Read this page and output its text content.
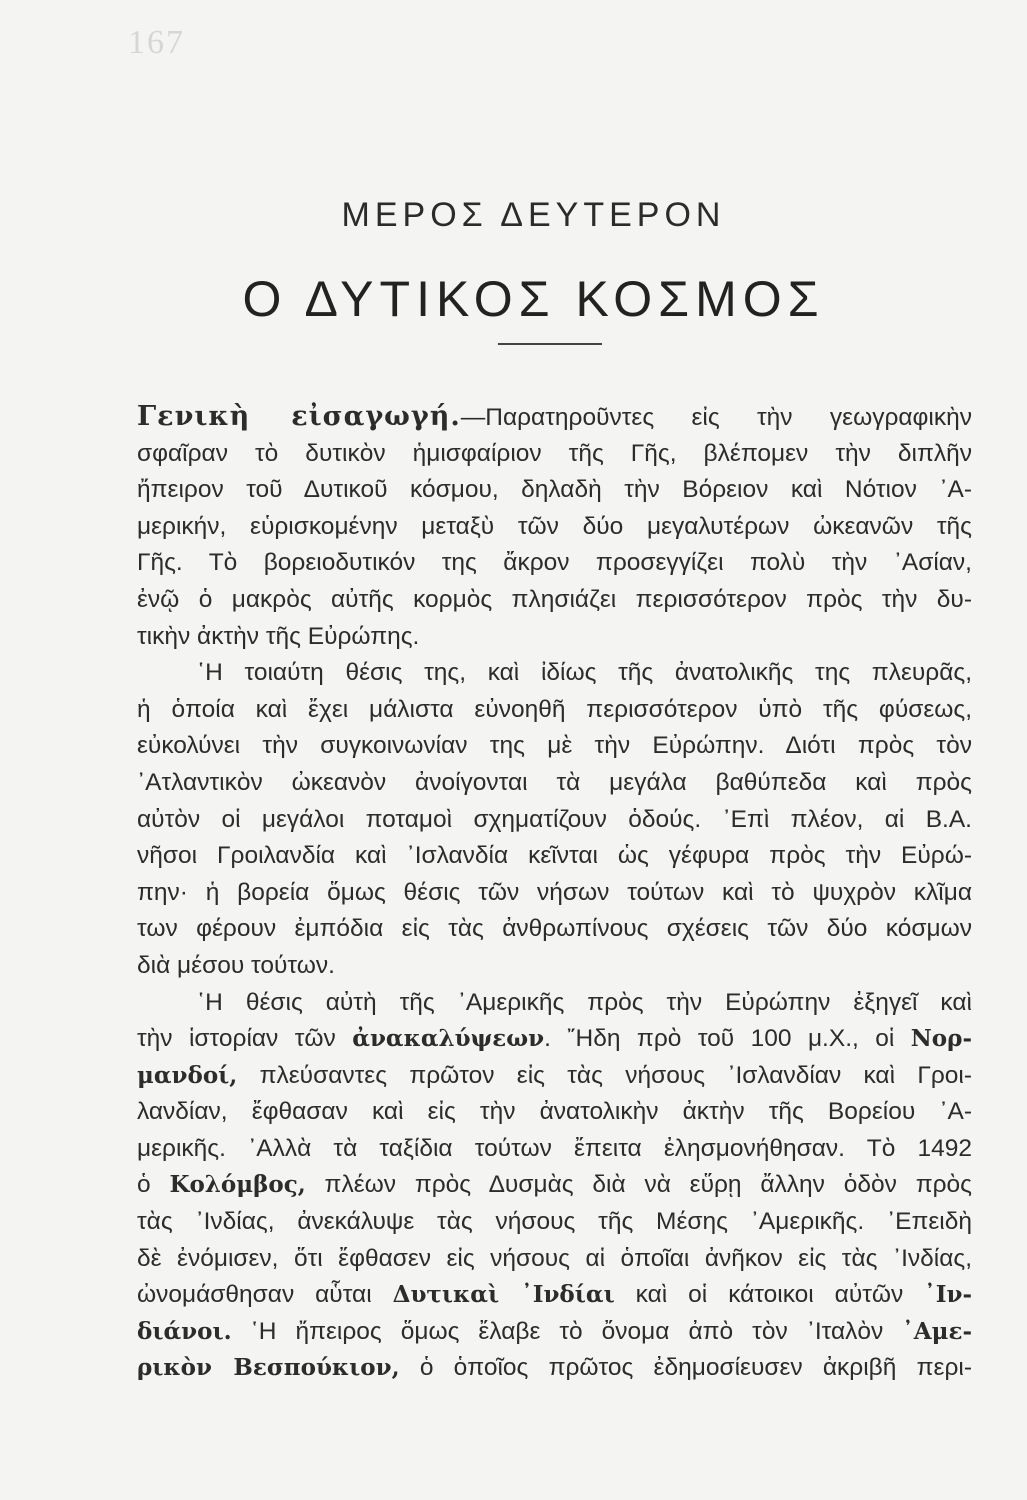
167
ΜΕΡΟΣ ΔΕΥΤΕΡΟΝ
Ο ΔΥΤΙΚΟΣ ΚΟΣΜΟΣ
Γενικὴ εἰσαγωγή.—Παρατηροῦντες εἰς τὴν γεωγραφικὴν
σφαῖραν τὸ δυτικὸν ἡμισφαίριον τῆς Γῆς, βλέπομεν τὴν διπλῆν
ἤπειρον τοῦ Δυτικοῦ κόσμου, δηλαδὴ τὴν Βόρειον καὶ Νότιον ᾿Α-
μερικήν, εὑρισκομένην μεταξὺ τῶν δύο μεγαλυτέρων ὠκεανῶν τῆς
Γῆς. Τὸ βορειοδυτικόν της ἄκρον προσεγγίζει πολὺ τὴν ᾿Ασίαν,
ἐνῷ ὁ μακρὸς αὐτῆς κορμὸς πλησιάζει περισσότερον πρὸς τὴν δυ-
τικὴν ἀκτὴν τῆς Εὐρώπης.
῾Η τοιαύτη θέσις της, καὶ ἰδίως τῆς ἀνατολικῆς της πλευρᾶς,
ἡ ὁποία καὶ ἔχει μάλιστα εὐνοηθῆ περισσότερον ὑπὸ τῆς φύσεως,
εὐκολύνει τὴν συγκοινωνίαν της μὲ τὴν Εὐρώπην. Διότι πρὸς τὸν
᾿Ατλαντικὸν ὠκεανὸν ἀνοίγονται τὰ μεγάλα βαθύπεδα καὶ πρὸς
αὐτὸν οἱ μεγάλοι ποταμοὶ σχηματίζουν ὁδούς. ᾿Επὶ πλέον, αἱ Β.Α.
νῆσοι Γροιλανδία καὶ ᾿Ισλανδία κεῖνται ὡς γέφυρα πρὸς τὴν Εὐρώ-
πην· ἡ βορεία ὅμως θέσις τῶν νήσων τούτων καὶ τὸ ψυχρὸν κλῖμα
των φέρουν ἐμπόδια εἰς τὰς ἀνθρωπίνους σχέσεις τῶν δύο κόσμων
διὰ μέσου τούτων.
῾Η θέσις αὐτὴ τῆς ᾿Αμερικῆς πρὸς τὴν Εὐρώπην ἐξηγεῖ καὶ
τὴν ἱστορίαν τῶν ἀνακαλύψεων. ῎Ηδη πρὸ τοῦ 100 μ.Χ., οἱ Νορ-
μανδοί, πλεύσαντες πρῶτον εἰς τὰς νήσους ᾿Ισλανδίαν καὶ Γροι-
λανδίαν, ἔφθασαν καὶ εἰς τὴν ἀνατολικὴν ἀκτὴν τῆς Βορείου ᾿Α-
μερικῆς. ᾿Αλλὰ τὰ ταξίδια τούτων ἔπειτα ἐλησμονήθησαν. Τὸ 1492
ὁ Κολόμβος, πλέων πρὸς Δυσμὰς διὰ νὰ εὕρῃ ἄλλην ὁδὸν πρὸς
τὰς ᾿Ινδίας, ἀνεκάλυψε τὰς νήσους τῆς Μέσης ᾿Αμερικῆς. ᾿Επειδὴ
δὲ ἐνόμισεν, ὅτι ἔφθασεν εἰς νήσους αἱ ὁποῖαι ἀνῆκον εἰς τὰς ᾿Ινδίας,
ὠνομάσθησαν αὗται Δυτικαὶ ᾿Ινδίαι καὶ οἱ κάτοικοι αὐτῶν ᾿Ιν-
διάνοι. ῾Η ἤπειρος ὅμως ἔλαβε τὸ ὄνομα ἀπὸ τὸν ᾿Ιταλὸν ᾿Αμε-
ρικὸν Βεσπούκιον, ὁ ὁποῖος πρῶτος ἐδημοσίευσεν ἀκριβῆ περι-
